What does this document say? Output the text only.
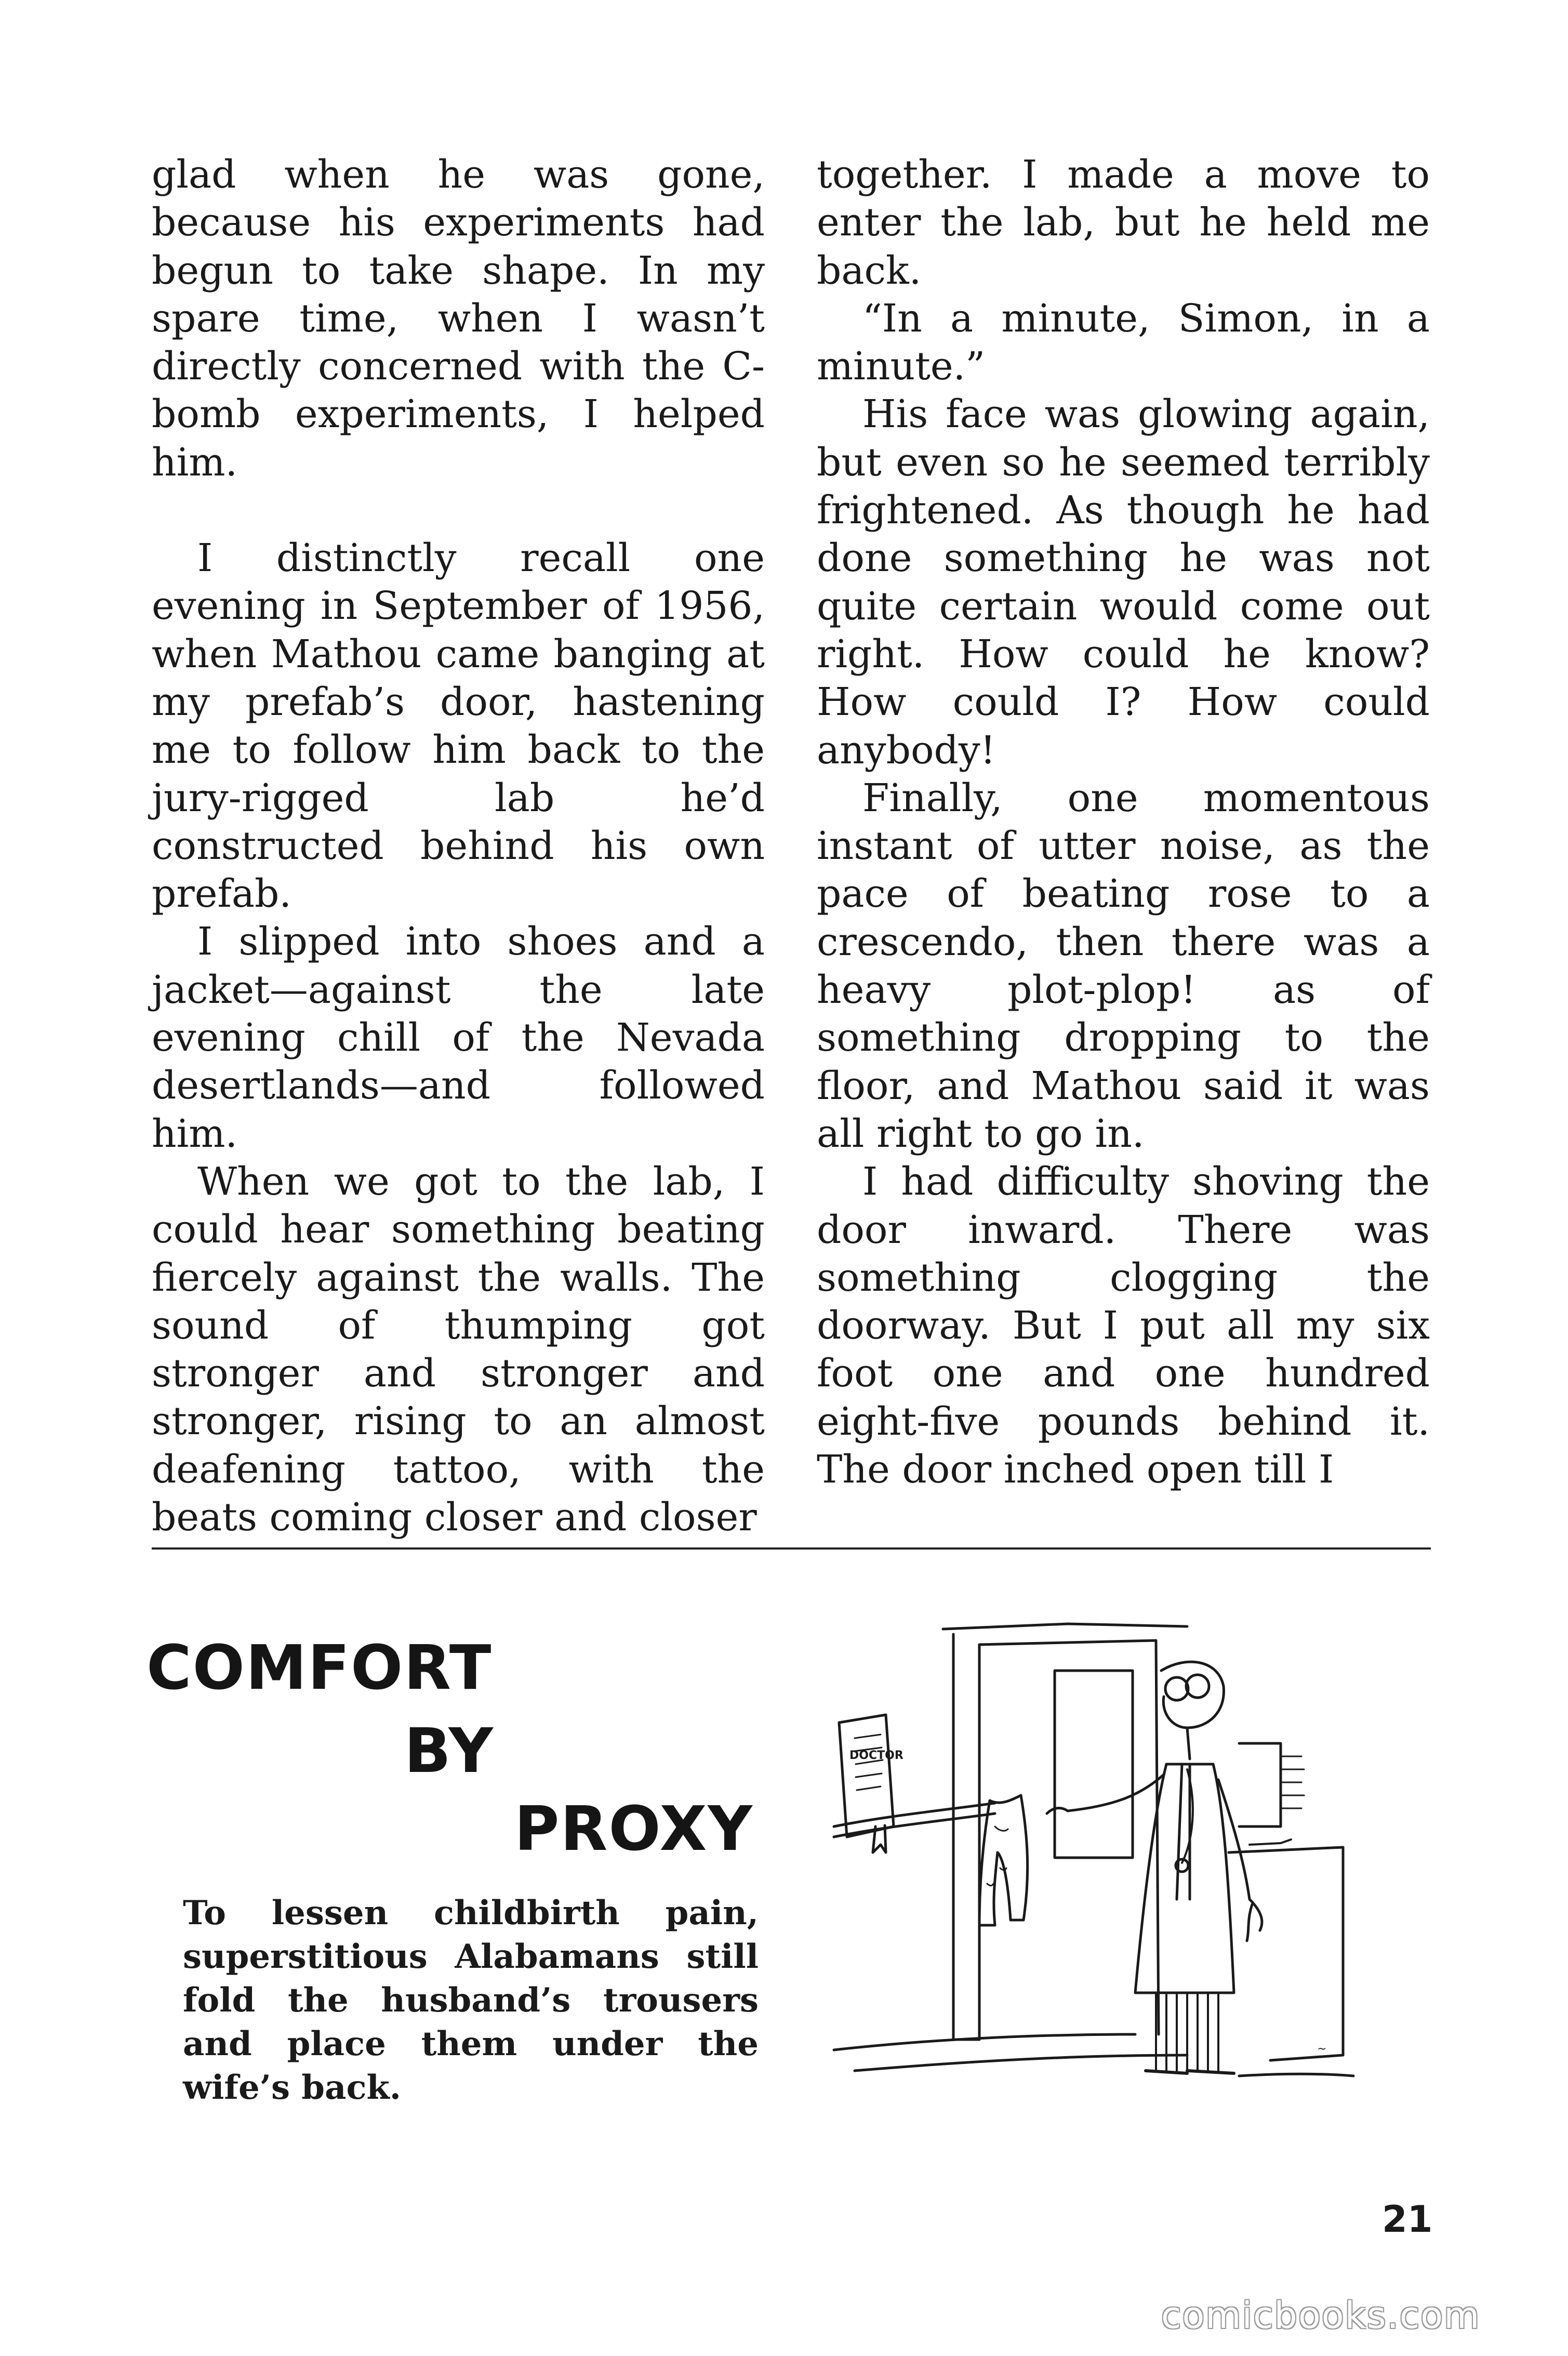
glad when he was gone, because his experiments had begun to take shape. In my spare time, when I wasn’t directly concerned with the C-bomb experiments, I helped him.

I distinctly recall one evening in September of 1956, when Mathou came banging at my prefab’s door, hastening me to follow him back to the jury-rigged lab he’d constructed behind his own prefab.

I slipped into shoes and a jacket—against the late evening chill of the Nevada desertlands—and followed him.

When we got to the lab, I could hear something beating fiercely against the walls. The sound of thumping got stronger and stronger and stronger, rising to an almost deafening tattoo, with the beats coming closer and closer

together. I made a move to enter the lab, but he held me back.

“In a minute, Simon, in a minute.”

His face was glowing again, but even so he seemed terribly frightened. As though he had done something he was not quite certain would come out right. How could he know? How could I? How could anybody!

Finally, one momentous instant of utter noise, as the pace of beating rose to a crescendo, then there was a heavy plot-plop! as of something dropping to the floor, and Mathou said it was all right to go in.

I had difficulty shoving the door inward. There was something clogging the doorway. But I put all my six foot one and one hundred eight-five pounds behind it. The door inched open till I

COMFORT
BY
PROXY
To lessen childbirth pain, superstitious Alabamans still fold the husband’s trousers and place them under the wife’s back.
DOCTOR
~
21
comicbooks.com
